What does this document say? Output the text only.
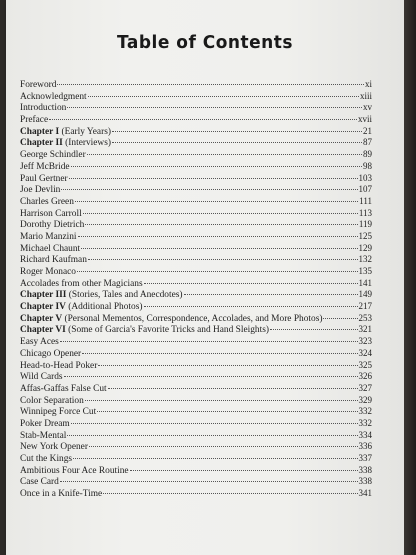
Table of Contents
Foreword	xi
Acknowledgment	xiii
Introduction	xv
Preface	xvii
Chapter I (Early Years)	21
Chapter II (Interviews)	87
George Schindler	89
Jeff McBride	98
Paul Gertner	103
Joe Devlin	107
Charles Green	111
Harrison Carroll	113
Dorothy Dietrich	119
Mario Manzini	125
Michael Chaunt	129
Richard Kaufman	132
Roger Monaco	135
Accolades from other Magicians	141
Chapter III (Stories, Tales and Anecdotes)	149
Chapter IV (Additional Photos)	217
Chapter V (Personal Mementos, Correspondence, Accolades, and More Photos)	253
Chapter VI (Some of Garcia's Favorite Tricks and Hand Sleights)	321
Easy Aces	323
Chicago Opener	324
Head-to-Head Poker	325
Wild Cards	326
Affas-Gaffas False Cut	327
Color Separation	329
Winnipeg Force Cut	332
Poker Dream	332
Stab-Mental	334
New York Opener	336
Cut the Kings	337
Ambitious Four Ace Routine	338
Case Card	338
Once in a Knife-Time	341
